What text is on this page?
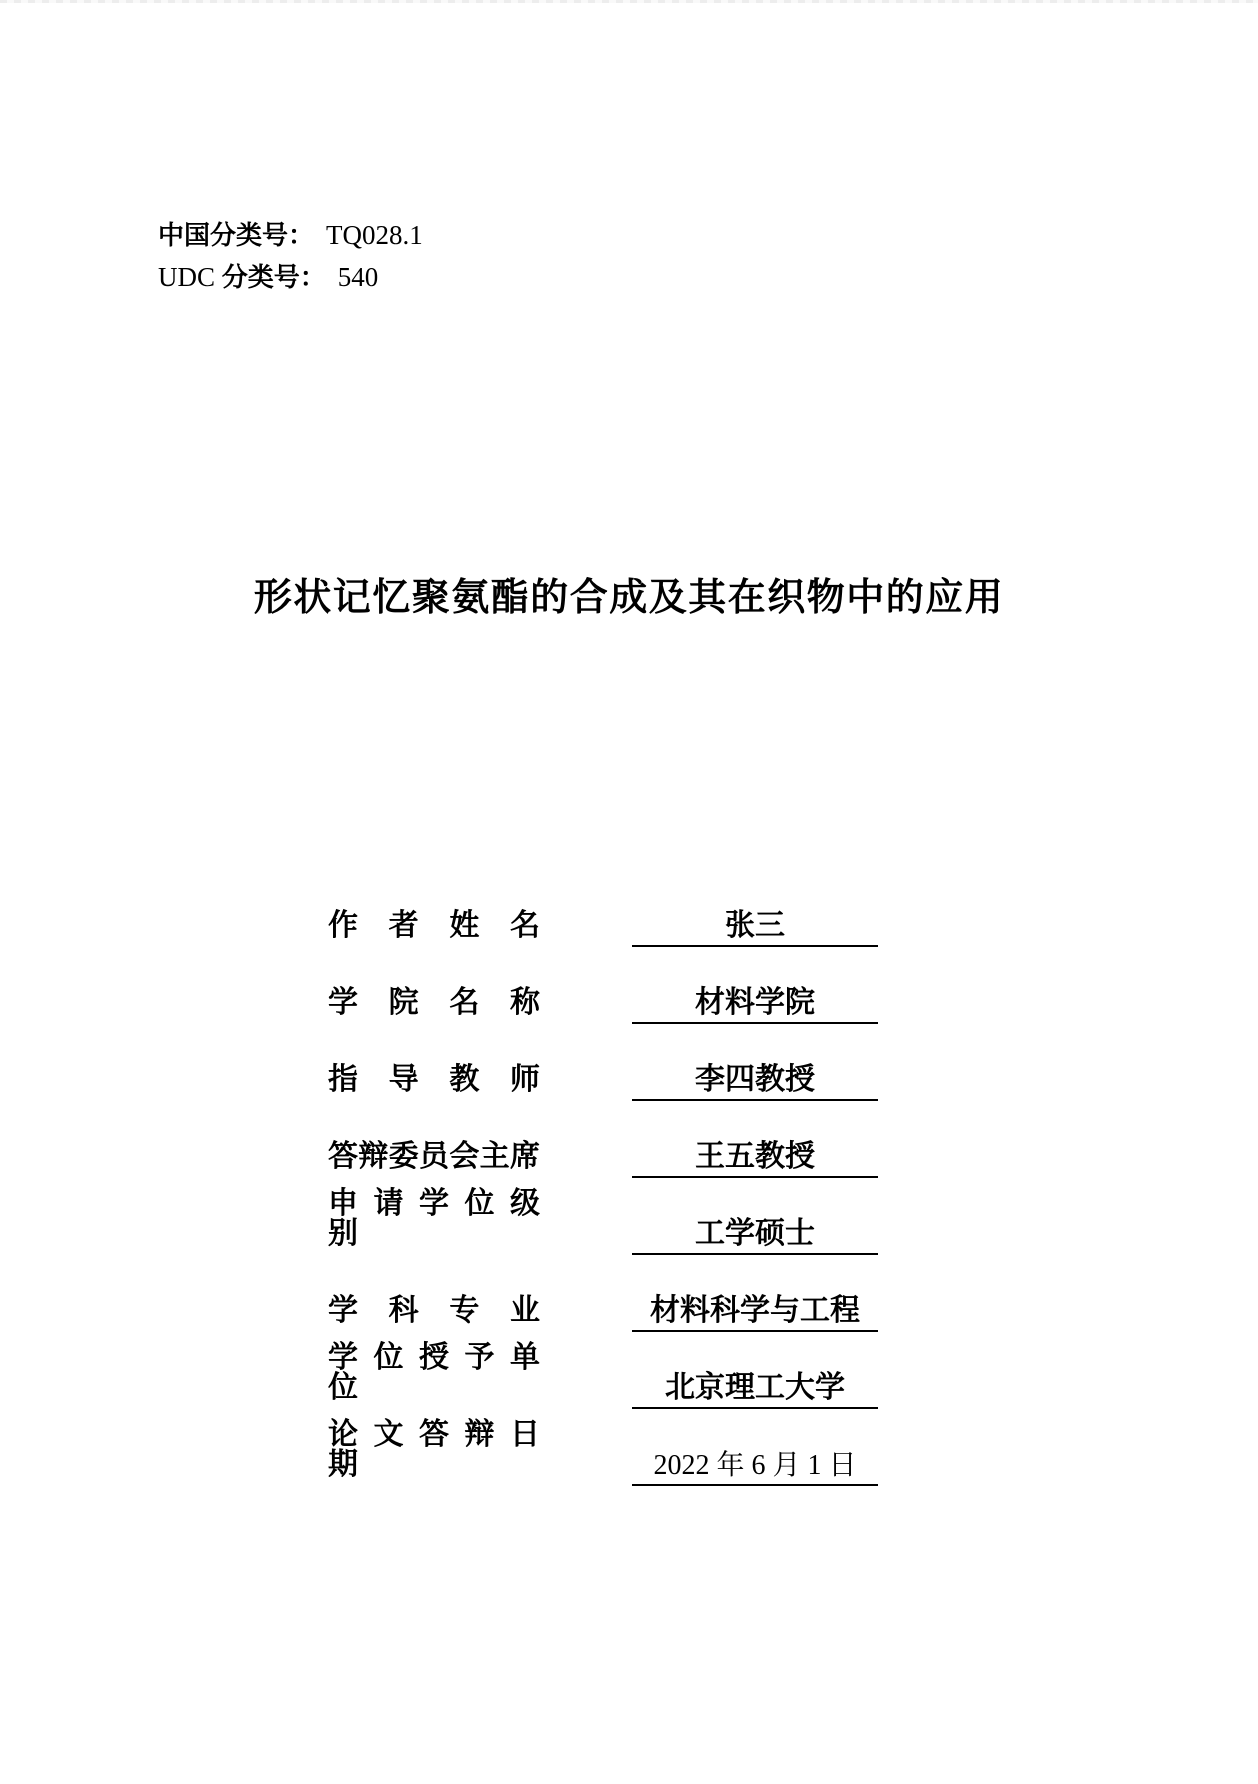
中国分类号： TQ028.1
UDC 分类号： 540
形状记忆聚氨酯的合成及其在织物中的应用
作 者 姓 名	张三
学 院 名 称	材料学院
指 导 教 师	李四教授
答辩委员会主席	王五教授
申 请 学 位 级 别	工学硕士
学 科 专 业	材料科学与工程
学 位 授 予 单 位	北京理工大学
论 文 答 辩 日 期	2022 年 6 月 1 日
